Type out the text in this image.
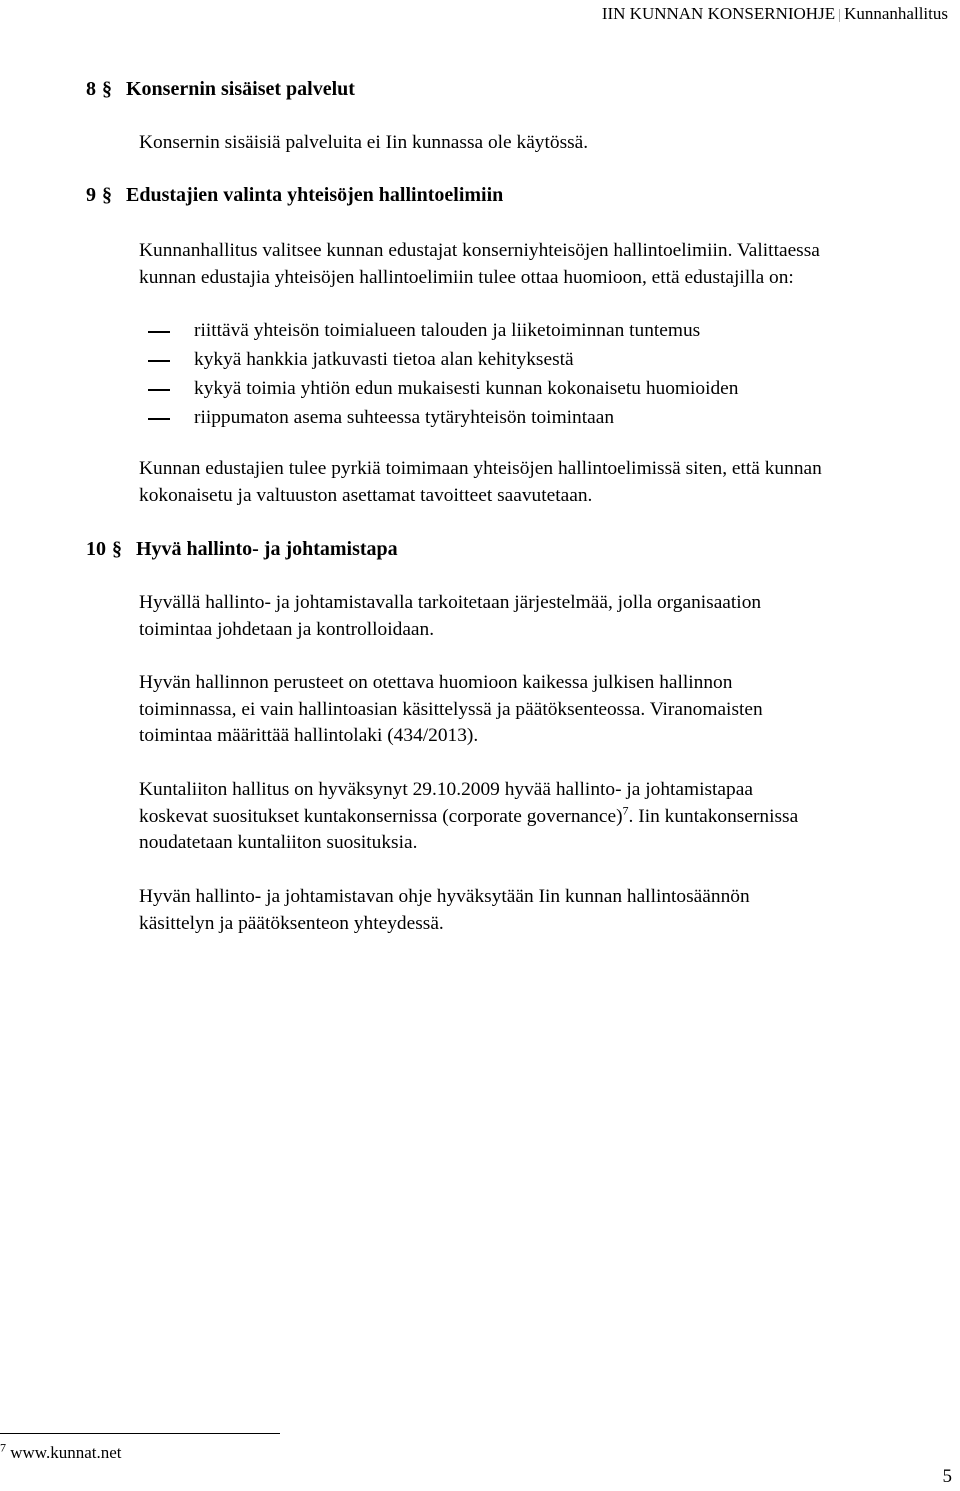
IIN KUNNAN KONSERNIOHJE | Kunnanhallitus
8 § Konsernin sisäiset palvelut
Konsernin sisäisiä palveluita ei Iin kunnassa ole käytössä.
9 § Edustajien valinta yhteisöjen hallintoelimiin
Kunnanhallitus valitsee kunnan edustajat konserniyhteisöjen hallintoelimiin. Valittaessa
kunnan edustajia yhteisöjen hallintoelimiin tulee ottaa huomioon, että edustajilla on:
riittävä yhteisön toimialueen talouden ja liiketoiminnan tuntemus
kykyä hankkia jatkuvasti tietoa alan kehityksestä
kykyä toimia yhtiön edun mukaisesti kunnan kokonaisetu huomioiden
riippumaton asema suhteessa tytäryhteisön toimintaan
Kunnan edustajien tulee pyrkiä toimimaan yhteisöjen hallintoelimissä siten, että kunnan
kokonaisetu ja valtuuston asettamat tavoitteet saavutetaan.
10 § Hyvä hallinto- ja johtamistapa
Hyvällä hallinto- ja johtamistavalla tarkoitetaan järjestelmää, jolla organisaation
toimintaa johdetaan ja kontrolloidaan.
Hyvän hallinnon perusteet on otettava huomioon kaikessa julkisen hallinnon
toiminnassa, ei vain hallintoasian käsittelyssä ja päätöksenteossa. Viranomaisten
toimintaa määrittää hallintolaki (434/2013).
Kuntaliiton hallitus on hyväksynyt 29.10.2009 hyvää hallinto- ja johtamistapaa
koskevat suositukset kuntakonsernissa (corporate governance)$^7$. Iin kuntakonsernissa
noudatetaan kuntaliiton suosituksia.
Hyvän hallinto- ja johtamistavan ohje hyväksytään Iin kunnan hallintosäännön
käsittelyn ja päätöksenteon yhteydessä.
$^7$ www.kunnat.net
5
